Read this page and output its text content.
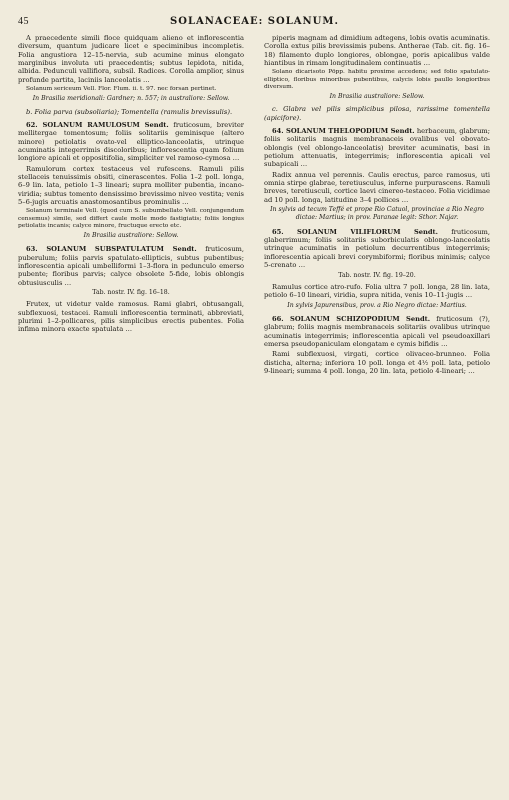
45	SOLANACEAE: SOLANUM.

A praecedente simili floce quidquam alieno et inflorescentia diversum, quantum judicare licet e speciminibus incompletis. Folia angustiora 12–15-nervia, sub acumine minus elongato marginibus involuta uti praecedentis; subtus lepidota, nitida, albida. Pedunculi vallifiora, subsil. Radices. Corolla amplior, sinus profunde partita, laciniis lanceolatis …

Solanum sericeum Vell. Flor. Flum. ii. t. 97. nec forsan pertinet.

In Brasilia meridionali: Gardner; n. 557; in australiore: Sellow.

b. Folia parva (subsoliaria); Tomentella (ramulis brevissulis).

62. SOLANUM RAMULOSUM Sendt. fruticosum, breviter mellitergae tomentosum; foliis solitariis geminisque (altero minore) petiolatis ovato-vel elliptico-lanceolatis, utrinque acuminatis integerrimis discoloribus; inflorescentia quam folium longiore apicali et oppositifolia, simpliciter vel ramoso-cymosa …

Ramulorum cortex testaceus vel rufescens. Ramuli pilis stellaceis tenuissimis obsiti, cinerascentes. Folia 1–2 poll. longa, 6–9 lin. lata, petiolo 1–3 lineari; supra molliter pubentia, incano-viridia; subtus tomento densissimo brevissimo niveo vestita; venis 5–6-jugis arcuatis anastomosantibus prominulis …

Solanum terminale Vell. (quod cum S. subumbellato Vell. conjungendum censemus) simile, sed differt caule molle modo fastigiatis; foliis longius petiolatis incanis; calyce minore, fructuque erecto etc.

In Brasilia australiore: Sellow.

63. SOLANUM SUBSPATULATUM Sendt. fruticosum, puberulum; foliis parvis spatulato-ellipticis, subtus pubentibus; inflorescentia apicali umbelliformi 1–3-flora in pedunculo emerso pubente; floribus parvis; calyce obsolete 5-fide, lobis oblongis obtusiusculis …

Tab. nostr. IV. fig. 16–18.

Frutex, ut videtur valde ramosus. Rami glabri, obtusangali, subflexuosi, testacei. Ramuli inflorescentia terminati, abbreviati, plurimi 1–2-pollicares, pilis simplicibus erectis pubentes. Folia infima minora exacte spatulata …

piperis magnam ad dimidium adtegens, lobis ovatis acuminatis. Corolla extus pilis brevissimis pubens. Antherae (Tab. cit. fig. 16–18) filamento duplo longiores, oblongae, poris apicalibus valde hiantibus in rimam longitudinalem continuatis …

Solano dicarisoto Pöpp. habitu proxime accedens; sed folio spatulato-elliptico, floribus minoribus pubentibus, calycis lobis paullo longioribus diversum.

In Brasilia australiore: Sellow.

c. Glabra vel pilis simplicibus pilosa, rarissime tomentella (apicifore).

64. SOLANUM THELOPODIUM Sendt. herbaceum, glabrum; foliis solitariis magnis membranaceis ovalibus vel obovato-oblongis (vel oblongo-lanceolatis) breviter acuminatis, basi in petiolum attenuatis, integerrimis; inflorescentia apicali vel subapicali …

Radix annua vel perennis. Caulis erectus, parce ramosus, uti omnia stirpe glabrae, teretiusculus, inferne purpurascens. Ramuli breves, teretiusculi, cortice laevi cinereo-testaceo. Folia vicidimae ad 10 poll. longa, latitudine 3–4 pollices …

In sylvis ad tecum Teffé et prope Rio Catuol, provinciae a Rio Negro dictae: Martius; in prov. Paranae legit: Sthor. Najar.

65. SOLANUM VILIFLORUM Sendt. fruticosum, glaberrimum; foliis solitariis suborbiculatis oblongo-lanceolatis utrinque acuminatis in petiolum decurrentibus integerrimis; inflorescentia apicali brevi corymbiformi; floribus minimis; calyce 5-crenato …

Tab. nostr. IV. fig. 19–20.

Ramulus cortice atro-rufo. Folia ultra 7 poll. longa, 28 lin. lata, petiolo 6–10 lineari, viridia, supra nitida, venis 10–11-jugis …

In sylvis Japurensibus, prov. a Rio Negro dictae: Martius.

66. SOLANUM SCHIZOPODIUM Sendt. fruticosum (?), glabrum; foliis magnis membranaceis solitariis ovalibus utrinque acuminatis integerrimis; inflorescentia apicali vel pseudoaxillari emersa pseudopaniculam elongatam e cymis bifidis …

Rami subflexuosi, virgati, cortice olivaceo-brunneo. Folia disticha, alterna; inferiora 10 poll. longa et 4½ poll. lata, petiolo 9-lineari; summa 4 poll. longa, 20 lin. lata, petiolo 4-lineari; …
